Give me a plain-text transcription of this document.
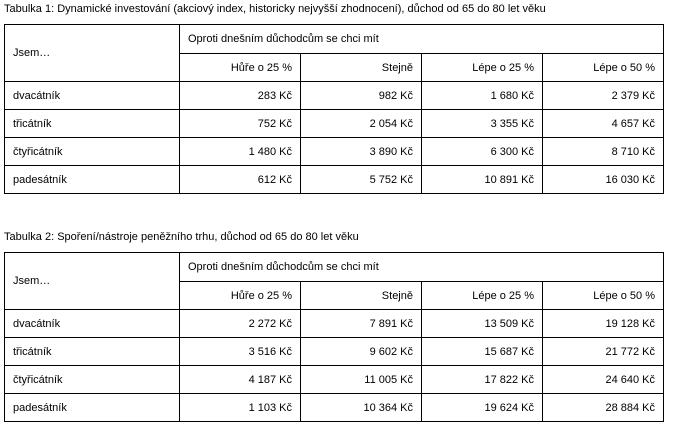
Tabulka 1: Dynamické investování (akciový index, historicky nejvyšší zhodnocení), důchod od 65 do 80 let věku

Jsem…	Oproti dnešním důchodcům se chci mít			
	Hůře o 25 %	Stejně	Lépe o 25 %	Lépe o 50 %
dvacátník	283 Kč	982 Kč	1 680 Kč	2 379 Kč
třicátník	752 Kč	2 054 Kč	3 355 Kč	4 657 Kč
čtyřicátník	1 480 Kč	3 890 Kč	6 300 Kč	8 710 Kč
padesátník	612 Kč	5 752 Kč	10 891 Kč	16 030 Kč

Tabulka 2: Spoření/nástroje peněžního trhu, důchod od 65 do 80 let věku

Jsem…	Oproti dnešním důchodcům se chci mít			
	Hůře o 25 %	Stejně	Lépe o 25 %	Lépe o 50 %
dvacátník	2 272 Kč	7 891 Kč	13 509 Kč	19 128 Kč
třicátník	3 516 Kč	9 602 Kč	15 687 Kč	21 772 Kč
čtyřicátník	4 187 Kč	11 005 Kč	17 822 Kč	24 640 Kč
padesátník	1 103 Kč	10 364 Kč	19 624 Kč	28 884 Kč
